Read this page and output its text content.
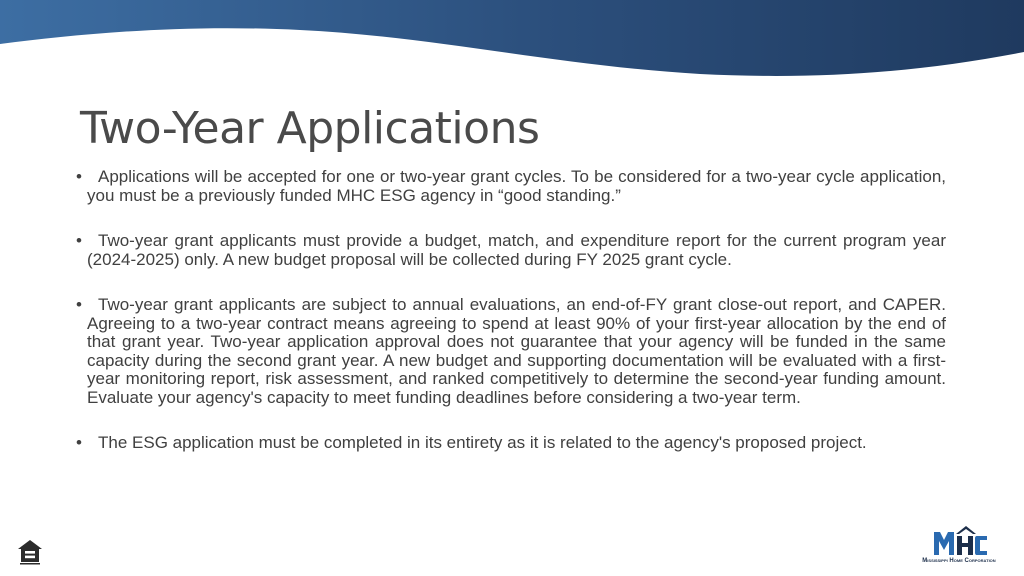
Two-Year Applications
• Applications will be accepted for one or two-year grant cycles. To be considered for a two-year cycle application, you must be a previously funded MHC ESG agency in “good standing.”
• Two-year grant applicants must provide a budget, match, and expenditure report for the current program year (2024-2025) only. A new budget proposal will be collected during FY 2025 grant cycle.
• Two-year grant applicants are subject to annual evaluations, an end-of-FY grant close-out report, and CAPER. Agreeing to a two-year contract means agreeing to spend at least 90% of your first-year allocation by the end of that grant year. Two-year application approval does not guarantee that your agency will be funded in the same capacity during the second grant year. A new budget and supporting documentation will be evaluated with a first-year monitoring report, risk assessment, and ranked competitively to determine the second-year funding amount. Evaluate your agency's capacity to meet funding deadlines before considering a two-year term.
• The ESG application must be completed in its entirety as it is related to the agency's proposed project.
Mississippi Home Corporation
